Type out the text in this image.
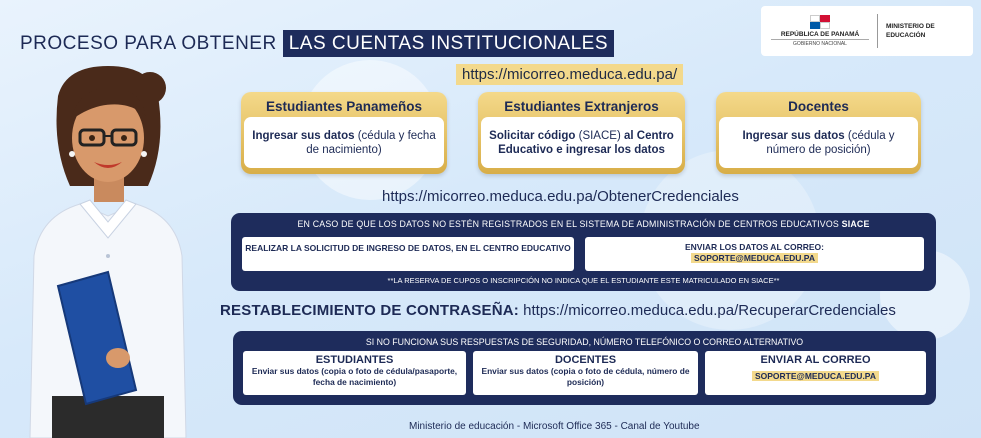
PROCESO PARA OBTENER LAS CUENTAS INSTITUCIONALES	REPÚBLICA DE PANAMÁ
GOBIERNO NACIONAL
MINISTERIO DE
EDUCACIÓN
https://micorreo.meduca.edu.pa/
Estudiantes Panameños
Ingresar sus datos (cédula y fecha de nacimiento)
Estudiantes Extranjeros
Solicitar código (SIACE) al Centro Educativo e ingresar los datos
Docentes
Ingresar sus datos (cédula y número de posición)
https://micorreo.meduca.edu.pa/ObtenerCredenciales
EN CASO DE QUE LOS DATOS NO ESTÉN REGISTRADOS EN EL SISTEMA DE ADMINISTRACIÓN DE CENTROS EDUCATIVOS SIACE
REALIZAR LA SOLICITUD DE INGRESO DE DATOS, EN EL CENTRO EDUCATIVO	ENVIAR LOS DATOS AL CORREO:
SOPORTE@MEDUCA.EDU.PA
**LA RESERVA DE CUPOS O INSCRIPCIÓN NO INDICA QUE EL ESTUDIANTE ESTE MATRICULADO EN SIACE**
RESTABLECIMIENTO DE CONTRASEÑA: https://micorreo.meduca.edu.pa/RecuperarCredenciales
SI NO FUNCIONA SUS RESPUESTAS DE SEGURIDAD, NÚMERO TELEFÓNICO O CORREO ALTERNATIVO
ESTUDIANTES
Enviar sus datos (copia o foto de cédula/pasaporte, fecha de nacimiento)
DOCENTES
Enviar sus datos (copia o foto de cédula, número de posición)
ENVIAR AL CORREO
SOPORTE@MEDUCA.EDU.PA
Ministerio de educación - Microsoft Office 365 - Canal de Youtube
